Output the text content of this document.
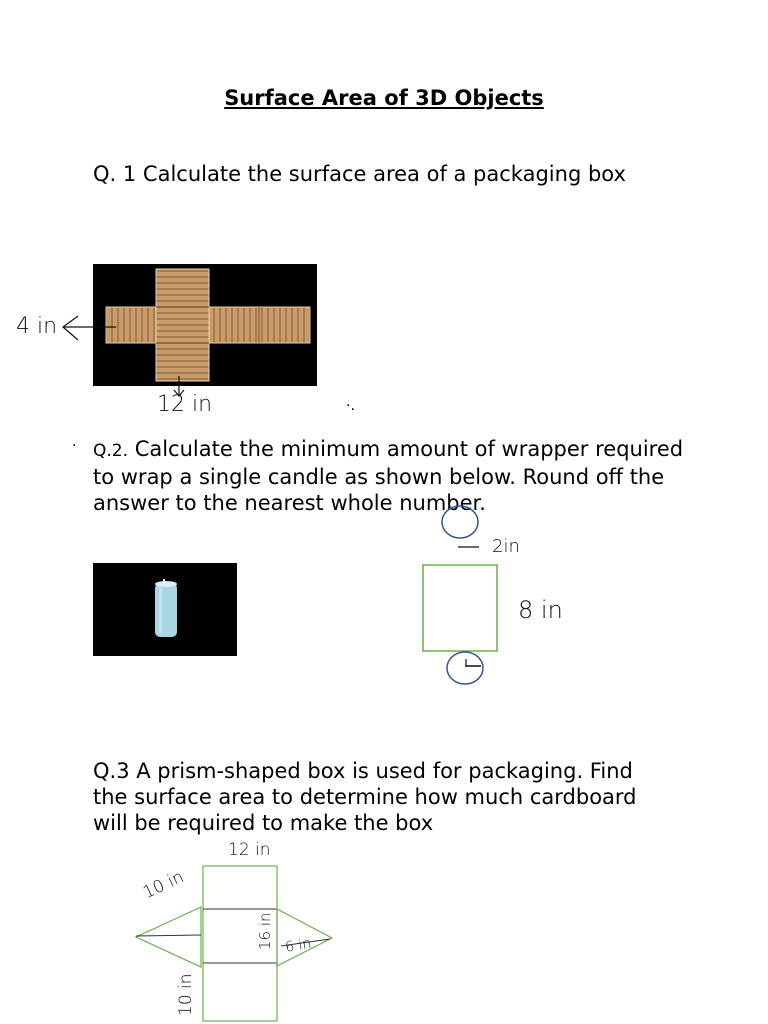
Surface Area of 3D Objects
Q. 1 Calculate the surface area of a packaging box
4 in
12 in	·.
· Q.2. Calculate the minimum amount of wrapper required to wrap a single candle as shown below. Round off the answer to the nearest whole number.
2in
8 in
Q.3 A prism-shaped box is used for packaging. Find the surface area to determine how much cardboard will be required to make the box
12 in
10 in
16 in 6 in
10 in
